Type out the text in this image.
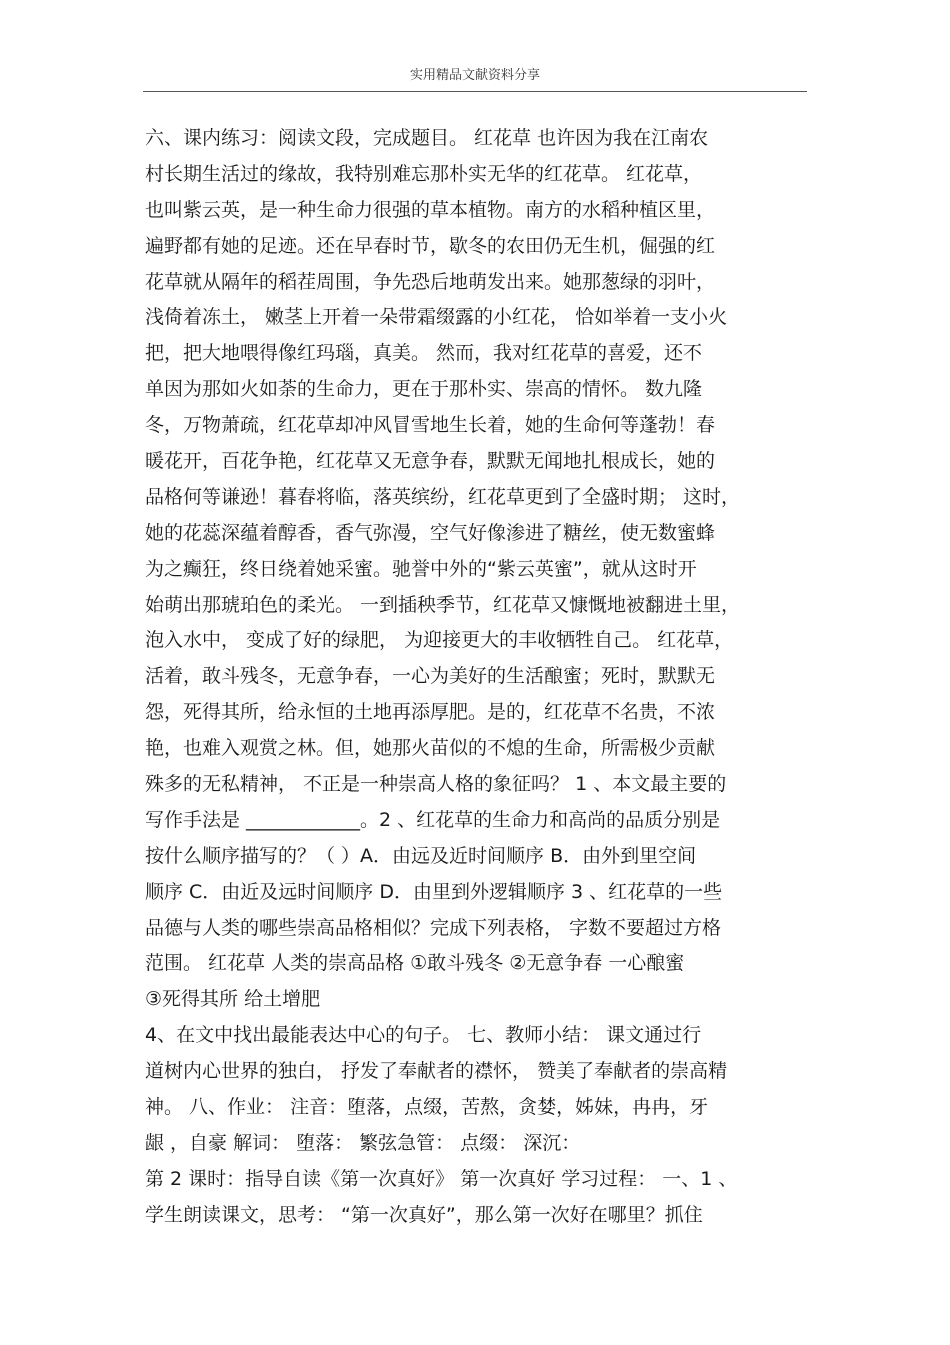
实用精品文献资料分享
六、课内练习：阅读文段，完成题目。 红花草 也许因为我在江南农
村长期生活过的缘故，我特别难忘那朴实无华的红花草。 红花草，
也叫紫云英，是一种生命力很强的草本植物。南方的水稻种植区里，
遍野都有她的足迹。还在早春时节，歇冬的农田仍无生机，倔强的红
花草就从隔年的稻茬周围，争先恐后地萌发出来。她那葱绿的羽叶，
浅倚着冻土， 嫩茎上开着一朵带霜缀露的小红花， 恰如举着一支小火
把，把大地喂得像红玛瑙，真美。 然而，我对红花草的喜爱，还不
单因为那如火如荼的生命力，更在于那朴实、崇高的情怀。 数九隆
冬，万物萧疏，红花草却冲风冒雪地生长着，她的生命何等蓬勃！春
暖花开，百花争艳，红花草又无意争春，默默无闻地扎根成长，她的
品格何等谦逊！暮春将临，落英缤纷，红花草更到了全盛时期； 这时，
她的花蕊深蕴着醇香，香气弥漫，空气好像渗进了糖丝，使无数蜜蜂
为之癫狂，终日绕着她采蜜。驰誉中外的“紫云英蜜”，就从这时开
始萌出那琥珀色的柔光。 一到插秧季节，红花草又慷慨地被翻进土里，
泡入水中， 变成了好的绿肥， 为迎接更大的丰收牺牲自己。 红花草，
活着，敢斗残冬，无意争春，一心为美好的生活酿蜜；死时，默默无
怨，死得其所，给永恒的土地再添厚肥。是的，红花草不名贵，不浓
艳，也难入观赏之林。但，她那火苗似的不熄的生命，所需极少贡献
殊多的无私精神， 不正是一种崇高人格的象征吗？ 1 、本文最主要的
写作手法是 ____________。2 、红花草的生命力和高尚的品质分别是
按什么顺序描写的？（ ）A．由远及近时间顺序 B．由外到里空间
顺序 C．由近及远时间顺序 D．由里到外逻辑顺序 3 、红花草的一些
品德与人类的哪些崇高品格相似？完成下列表格， 字数不要超过方格
范围。 红花草 人类的崇高品格 ①敢斗残冬 ②无意争春 一心酿蜜
③死得其所 给土增肥
4、在文中找出最能表达中心的句子。 七、教师小结： 课文通过行
道树内心世界的独白， 抒发了奉献者的襟怀， 赞美了奉献者的崇高精
神。 八、作业： 注音：堕落，点缀，苦熬，贪婪，姊妹，冉冉，牙
龈 ，自豪 解词： 堕落： 繁弦急管： 点缀： 深沉：
第 2 课时：指导自读《第一次真好》 第一次真好 学习过程： 一、1 、
学生朗读课文，思考： “第一次真好”，那么第一次好在哪里？抓住
